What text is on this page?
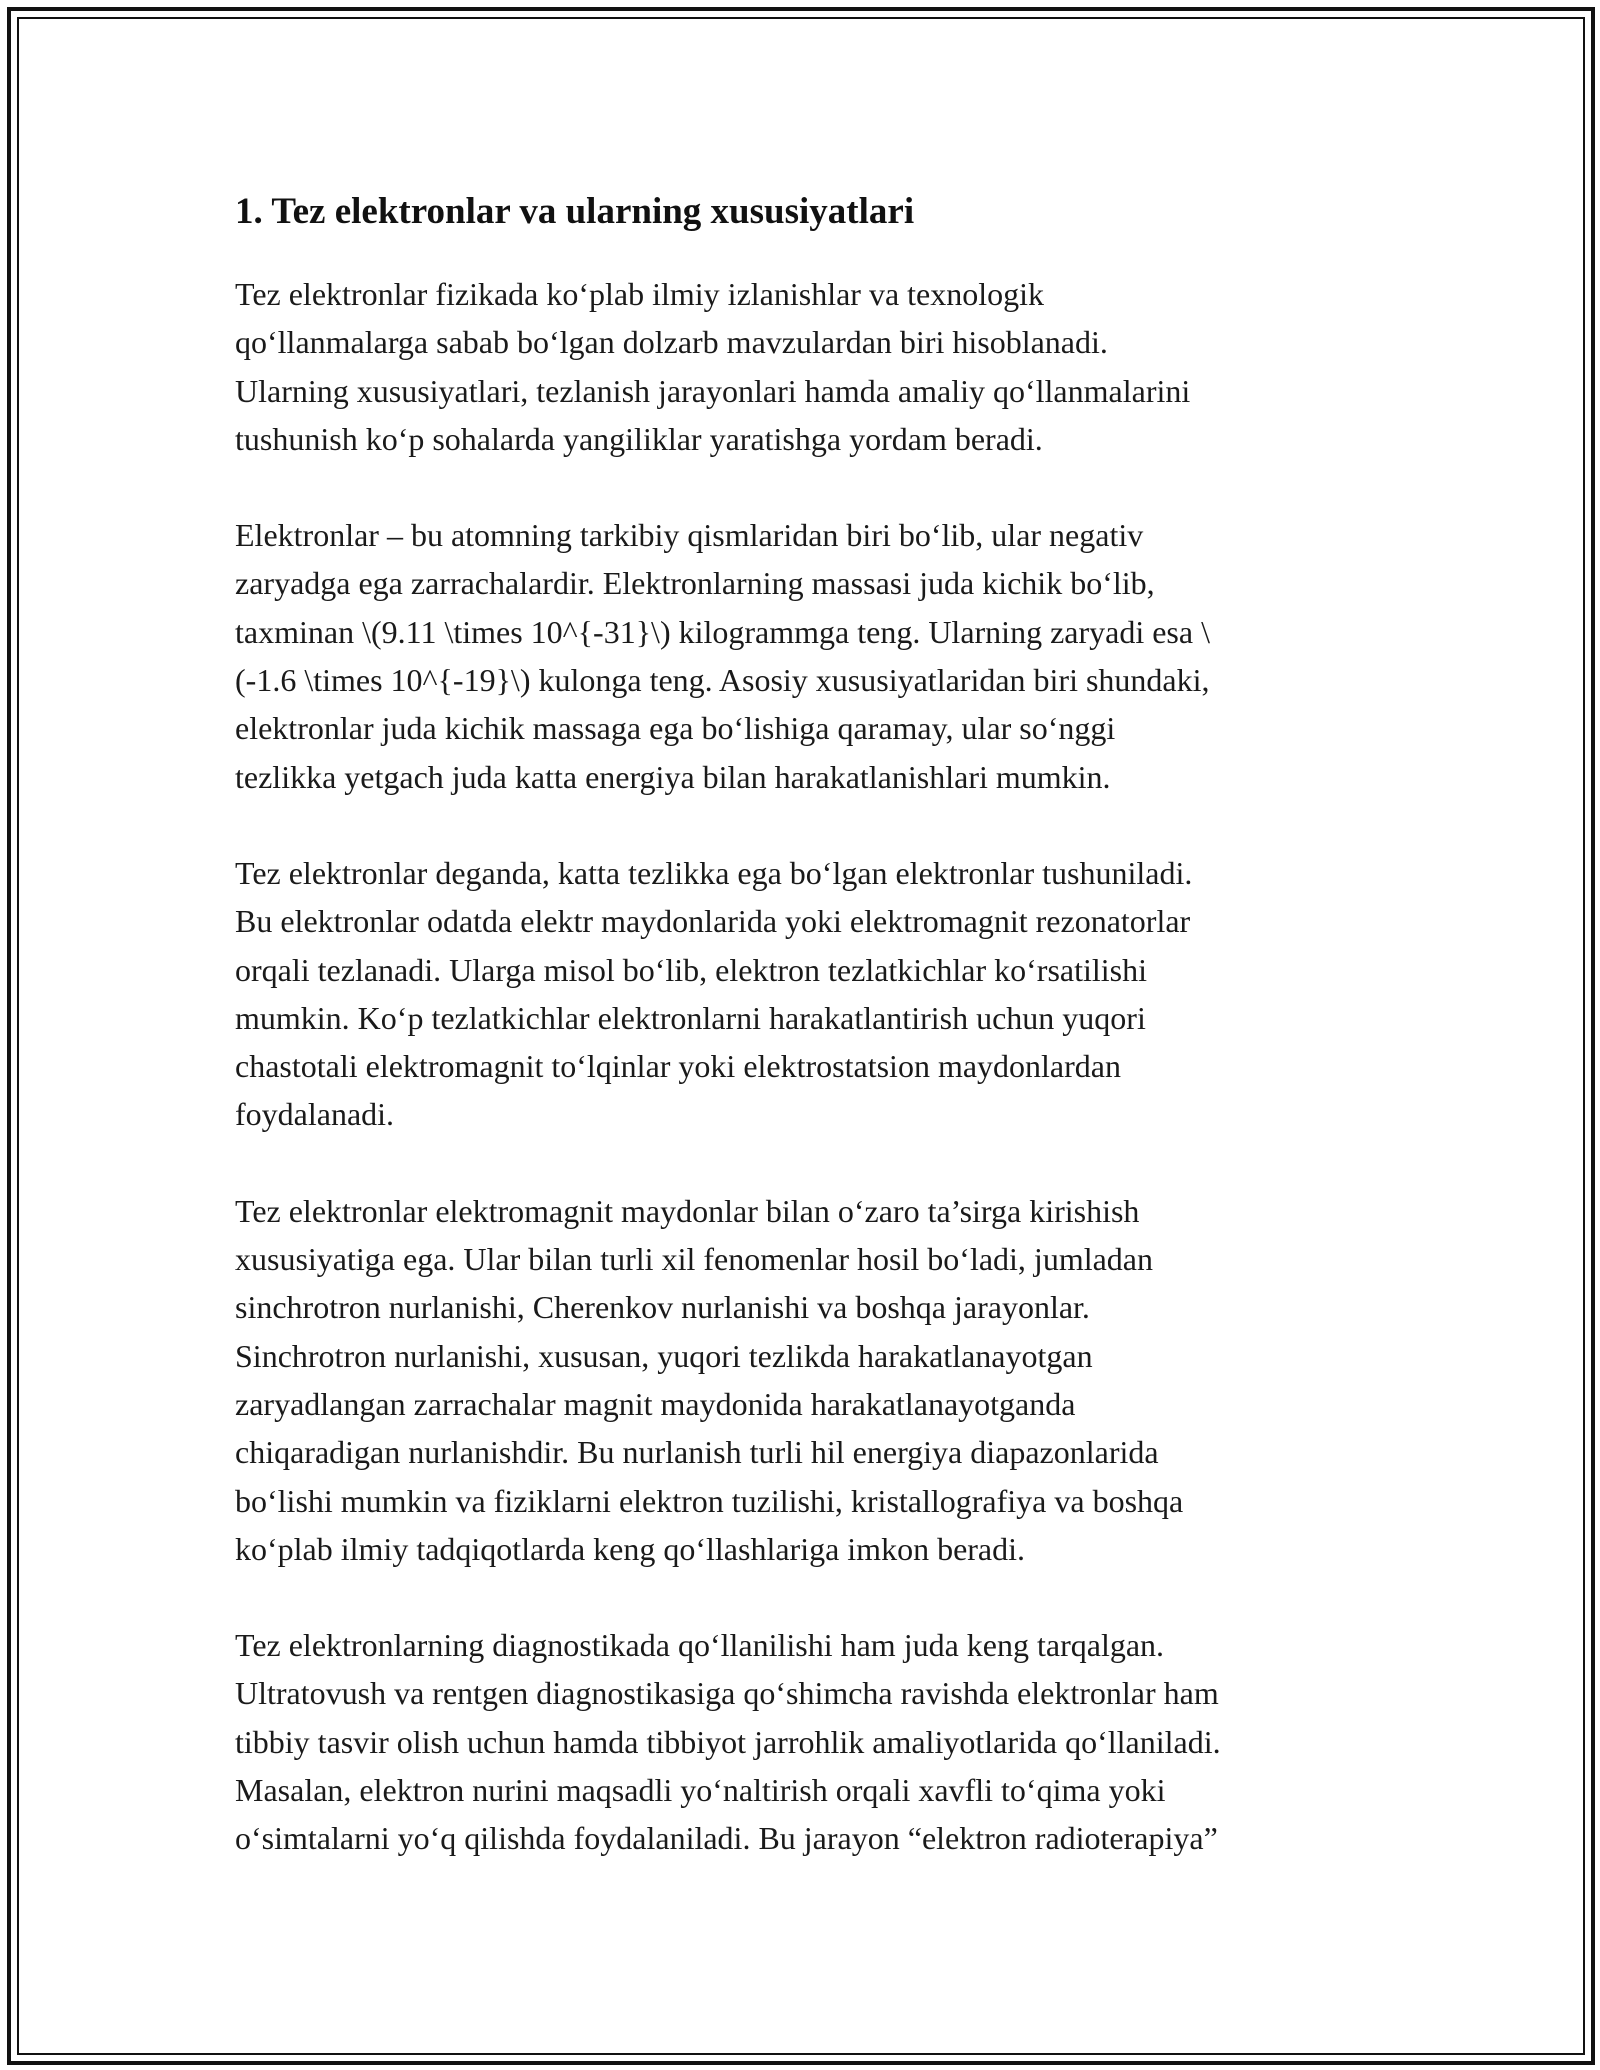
1. Tez elektronlar va ularning xususiyatlari

Tez elektronlar fizikada ko‘plab ilmiy izlanishlar va texnologik
qo‘llanmalarga sabab bo‘lgan dolzarb mavzulardan biri hisoblanadi.
Ularning xususiyatlari, tezlanish jarayonlari hamda amaliy qo‘llanmalarini
tushunish ko‘p sohalarda yangiliklar yaratishga yordam beradi.

Elektronlar – bu atomning tarkibiy qismlaridan biri bo‘lib, ular negativ
zaryadga ega zarrachalardir. Elektronlarning massasi juda kichik bo‘lib,
taxminan \(9.11 \times 10^{-31}\) kilogrammga teng. Ularning zaryadi esa \
(-1.6 \times 10^{-19}\) kulonga teng. Asosiy xususiyatlaridan biri shundaki,
elektronlar juda kichik massaga ega bo‘lishiga qaramay, ular so‘nggi
tezlikka yetgach juda katta energiya bilan harakatlanishlari mumkin.

Tez elektronlar deganda, katta tezlikka ega bo‘lgan elektronlar tushuniladi.
Bu elektronlar odatda elektr maydonlarida yoki elektromagnit rezonatorlar
orqali tezlanadi. Ularga misol bo‘lib, elektron tezlatkichlar ko‘rsatilishi
mumkin. Ko‘p tezlatkichlar elektronlarni harakatlantirish uchun yuqori
chastotali elektromagnit to‘lqinlar yoki elektrostatsion maydonlardan
foydalanadi.

Tez elektronlar elektromagnit maydonlar bilan o‘zaro ta’sirga kirishish
xususiyatiga ega. Ular bilan turli xil fenomenlar hosil bo‘ladi, jumladan
sinchrotron nurlanishi, Cherenkov nurlanishi va boshqa jarayonlar.
Sinchrotron nurlanishi, xususan, yuqori tezlikda harakatlanayotgan
zaryadlangan zarrachalar magnit maydonida harakatlanayotganda
chiqaradigan nurlanishdir. Bu nurlanish turli hil energiya diapazonlarida
bo‘lishi mumkin va fiziklarni elektron tuzilishi, kristallografiya va boshqa
ko‘plab ilmiy tadqiqotlarda keng qo‘llashlariga imkon beradi.

Tez elektronlarning diagnostikada qo‘llanilishi ham juda keng tarqalgan.
Ultratovush va rentgen diagnostikasiga qo‘shimcha ravishda elektronlar ham
tibbiy tasvir olish uchun hamda tibbiyot jarrohlik amaliyotlarida qo‘llaniladi.
Masalan, elektron nurini maqsadli yo‘naltirish orqali xavfli to‘qima yoki
o‘simtalarni yo‘q qilishda foydalaniladi. Bu jarayon “elektron radioterapiya”
